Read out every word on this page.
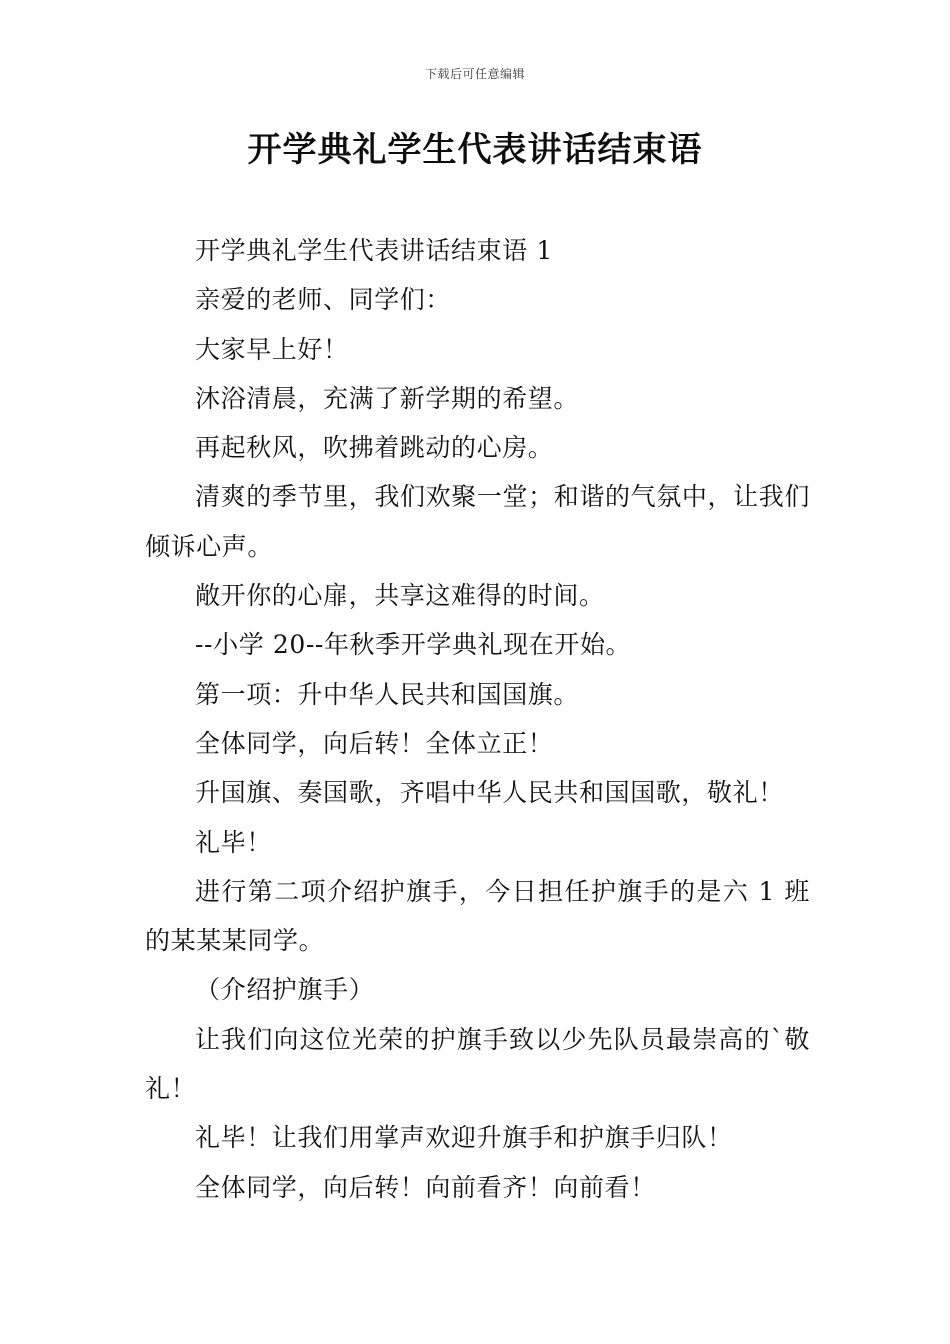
下载后可任意编辑
开学典礼学生代表讲话结束语

开学典礼学生代表讲话结束语 1

亲爱的老师、同学们：

大家早上好！

沐浴清晨，充满了新学期的希望。

再起秋风，吹拂着跳动的心房。

清爽的季节里，我们欢聚一堂；和谐的气氛中，让我们倾诉心声。

敞开你的心扉，共享这难得的时间。

--小学 20--年秋季开学典礼现在开始。

第一项：升中华人民共和国国旗。

全体同学，向后转！全体立正！

升国旗、奏国歌，齐唱中华人民共和国国歌，敬礼！

礼毕！

进行第二项介绍护旗手，今日担任护旗手的是六 1 班的某某某同学。

（介绍护旗手）

让我们向这位光荣的护旗手致以少先队员最崇高的`敬礼！

礼毕！让我们用掌声欢迎升旗手和护旗手归队！

全体同学，向后转！向前看齐！向前看！
